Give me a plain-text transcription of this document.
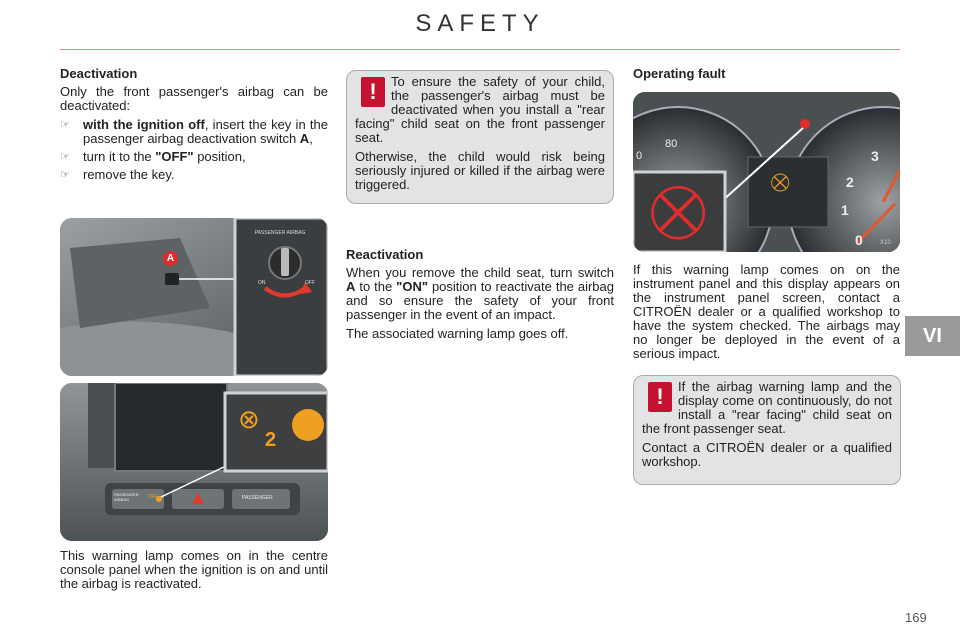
SAFETY
VI
169
Deactivation

Only the front passenger's airbag can be deactivated:

☞ with the ignition off, insert the key in the passenger airbag deactivation switch A,
☞ turn it to the "OFF" position,
☞ remove the key.
A
PASSENGER AIRBAG
ON	OFF
⊗
2
PASSENGER AIRBAG	OFF	PASSENGER

This warning lamp comes on in the centre console panel when the ignition is on and until the airbag is reactivated.

!	To ensure the safety of your child, the passenger's airbag must be deactivated when you install a "rear facing" child seat on the front passenger seat.

Otherwise, the child would risk being seriously injured or killed if the airbag were triggered.

Reactivation

When you remove the child seat, turn switch A to the "ON" position to reactivate the airbag and so ensure the safety of your front passenger in the event of an impact.

The associated warning lamp goes off.

Operating fault
⛒	⛒
80
0	3
2
1
0	X10

If this warning lamp comes on on the instrument panel and this display appears on the instrument panel screen, contact a CITROËN dealer or a qualified workshop to have the system checked. The airbags may no longer be deployed in the event of a serious impact.

!	If the airbag warning lamp and the display come on continuously, do not install a "rear facing" child seat on the front passenger seat.

Contact a CITROËN dealer or a qualified workshop.
